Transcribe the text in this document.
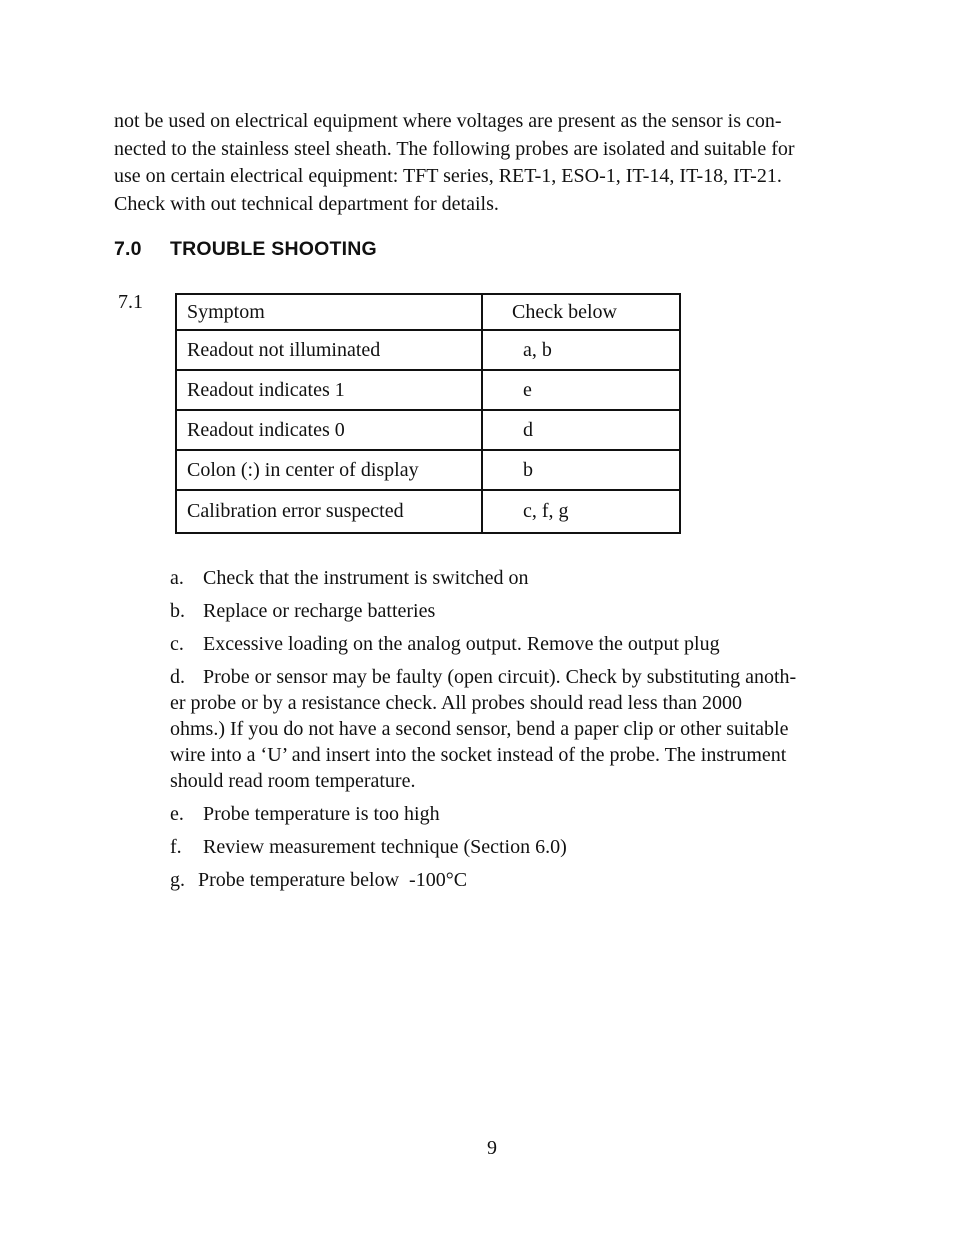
not be used on electrical equipment where voltages are present as the sensor is con-
nected to the stainless steel sheath. The following probes are isolated and suitable for
use on certain electrical equipment: TFT series, RET-1, ESO-1, IT-14, IT-18, IT-21.
Check with out technical department for details.
7.0 TROUBLE SHOOTING
7.1 Symptom	Check below
Readout not illuminated	a, b
Readout indicates 1	e
Readout indicates 0	d
Colon (:) in center of display	b
Calibration error suspected	c, f, g
a. Check that the instrument is switched on
b. Replace or recharge batteries
c. Excessive loading on the analog output. Remove the output plug
d. Probe or sensor may be faulty (open circuit). Check by substituting anoth-
er probe or by a resistance check. All probes should read less than 2000
ohms.) If you do not have a second sensor, bend a paper clip or other suitable
wire into a ‘U’ and insert into the socket instead of the probe. The instrument
should read room temperature.
e. Probe temperature is too high
f. Review measurement technique (Section 6.0)
g. Probe temperature below  -100°C
9
